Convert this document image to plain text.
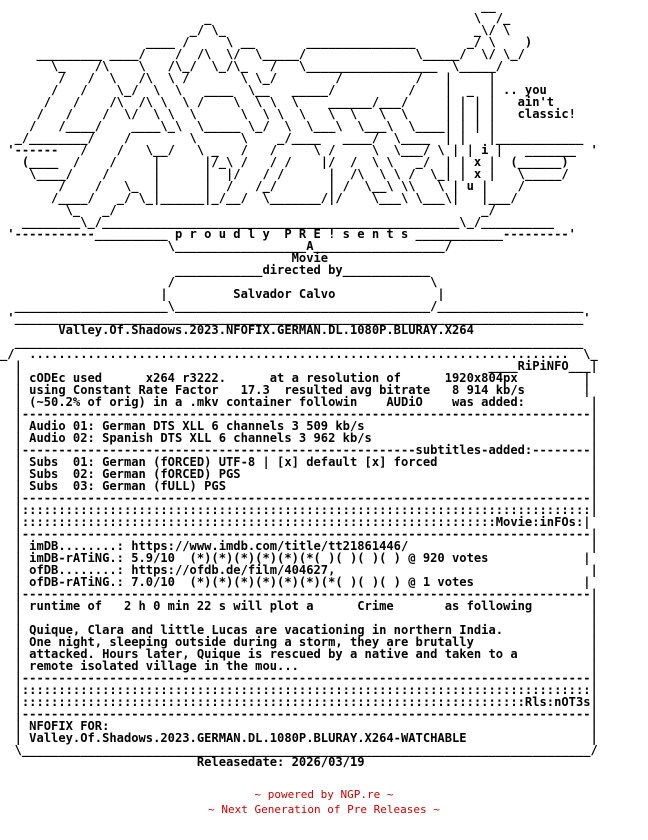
__
_                                    \  /_
_/ \_                                  _\/ \
____ /     \ __       _______________       _/ \    )
_________ ____/    /  /\  \/  \_____/               \_____/  \/ \_/
\_    /\    \   /\_/  \_/\_   /   \__________________  \_____/
/   /  \   /\  \ /       \ \_/        /          /   |     |
/   /    \_/  \  \   ____  \__   _____/          /    |  _  | .. you
/   /    /\  /\ \  \ /    \  \ \  \    ______/___/     | | | |   ain't
/   /    /  \/  \ \  \      \  \ \  \   \  \   \  \     | | | |   classic!
/   /____/    ____\_\  \_____ \_/  \  \___\  \___\  \____| | | |
_/________/    /        \      \    _/____   ____/  \____  | |   |____________
'------   /    /   \__/   \ _   /   /     \ /     \  \___/ \ | | i |   _______  '
(____  /    /     |      |/_\ /   / /    |/  /  \ \   _/  | | x |  (______)
\____/    /      |      |  |/   / /      |  /\  \ \ /  \_| | x |   \_____/
/    /   \_  |      |  /   /_/       | /  \__\ \\   \ | u |    /
/____/   _/ \_|______|_/__/  \_______/|/    \___\ \___\|   |___/
\_   _/                                                  _/
________\_/_________________________________________________\_/__________
'-----------__________ p r o u d l y  P R E ! s e n t s ____________---------'
\__________________A__________________/
Movie
____________directed by____________
/                                   \
|         Salvador Calvo              |
_____________________\___________________________________/____________________
'______________________________________________________________________________'
Valley.Of.Shadows.2023.NFOFIX.GERMAN.DL.1080P.BLURAY.X264
______________________________________________________________________________
_/  ..........................................................................  \_
|                                                                ____RiPiNFO___|
| cODEc used      x264 r3222.      at a resolution of      1920x804px         |
| using Constant Rate Factor   17.3  resulted avg bitrate   8 914 kb/s        |
| (~50.2% of orig) in a .mkv container followin    AUDiO    was added:         |
|------------------------------------------------------------------------------|
| Audio 01: German DTS XLL 6 channels 3 509 kb/s                               |
| Audio 02: Spanish DTS XLL 6 channels 3 962 kb/s                              |
|------------------------------------------------------subtitles-added:--------|
| Subs  01: German (fORCED) UTF-8 | [x] default [x] forced                     |
| Subs  02: German (fORCED) PGS                                                |
| Subs  03: German (fULL) PGS                                                  |
|------------------------------------------------------------------------------|
|::::::::::::::::::::::::::::::::::::::::::::::::::::::::::::::::::::::::::::::|
|:::::::::::::::::::::::::::::::::::::::::::::::::::::::::::::::::Movie:inFOs:|
|------------------------------------------------------------------------------|
| imDB........: https://www.imdb.com/title/tt21861446/                         |
| imDB-rATiNG.: 5.9/10  (*)(*)(*)(*)(*)(*( )( )( )( ) @ 920 votes             |
| ofDB........: https://ofdb.de/film/404627,                                   |
| ofDB-rATiNG.: 7.0/10  (*)(*)(*)(*)(*)(*)(*( )( )( ) @ 1 votes               |
|------------------------------------------------------------------------------|
| runtime of   2 h 0 min 22 s will plot a      Crime       as following        |
|                                                                              |
| Quique, Clara and little Lucas are vacationing in northern India.            |
| One night, sleeping outside during a storm, they are brutally                |
| attacked. Hours later, Quique is rescued by a native and taken to a          |
| remote isolated village in the mou...                                        |
|------------------------------------------------------------------------------|
|::::::::::::::::::::::::::::::::::::::::::::::::::::::::::::::::::::::::::::::|
|:::::::::::::::::::::::::::::::::::::::::::::::::::::::::::::::::::::Rls:nOT3s|
|------------------------------------------------------------------------------|
| NFOFIX FOR:                                                                  |
| Valley.Of.Shadows.2023.GERMAN.DL.1080P.BLURAY.X264-WATCHABLE                 |
\______________________________________________________________________________/
Releasedate: 2026/03/19
~ powered by NGP.re ~
~ Next Generation of Pre Releases ~
